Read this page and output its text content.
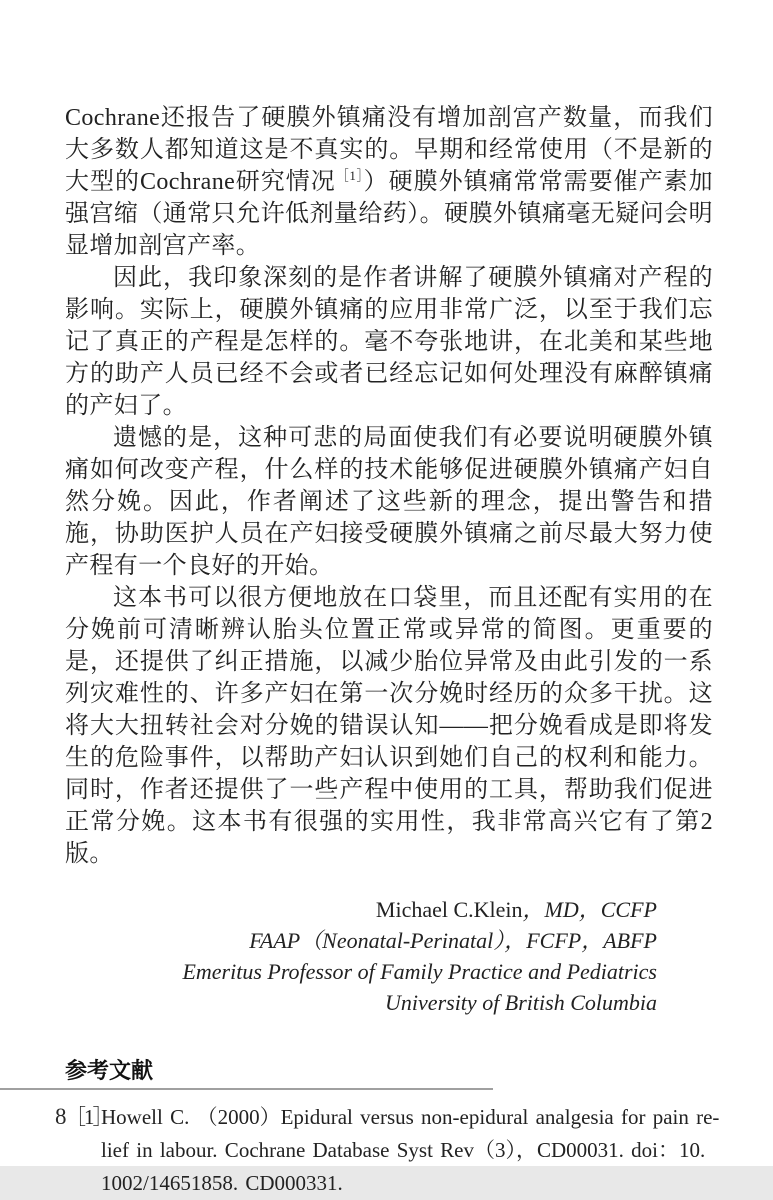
Cochrane还报告了硬膜外镇痛没有增加剖宫产数量，而我们大多数人都知道这是不真实的。早期和经常使用（不是新的大型的Cochrane研究情况$^{[1]}$）硬膜外镇痛常常需要催产素加强宫缩（通常只允许低剂量给药）。硬膜外镇痛毫无疑问会明显增加剖宫产率。

因此，我印象深刻的是作者讲解了硬膜外镇痛对产程的影响。实际上，硬膜外镇痛的应用非常广泛，以至于我们忘记了真正的产程是怎样的。毫不夸张地讲，在北美和某些地方的助产人员已经不会或者已经忘记如何处理没有麻醉镇痛的产妇了。

遗憾的是，这种可悲的局面使我们有必要说明硬膜外镇痛如何改变产程，什么样的技术能够促进硬膜外镇痛产妇自然分娩。因此，作者阐述了这些新的理念，提出警告和措施，协助医护人员在产妇接受硬膜外镇痛之前尽最大努力使产程有一个良好的开始。

这本书可以很方便地放在口袋里，而且还配有实用的在分娩前可清晰辨认胎头位置正常或异常的简图。更重要的是，还提供了纠正措施，以减少胎位异常及由此引发的一系列灾难性的、许多产妇在第一次分娩时经历的众多干扰。这将大大扭转社会对分娩的错误认知——把分娩看成是即将发生的危险事件，以帮助产妇认识到她们自己的权利和能力。同时，作者还提供了一些产程中使用的工具，帮助我们促进正常分娩。这本书有很强的实用性，我非常高兴它有了第2版。

Michael C.Klein，MD，CCFP
FAAP（Neonatal-Perinatal），FCFP，ABFP
Emeritus Professor of Family Practice and Pediatrics
University of British Columbia
参考文献
［1］
Howell C. （2000）Epidural versus non-epidural analgesia for pain re-
lief in labour. Cochrane Database Syst Rev（3），CD00031. doi：10.
1002/14651858. CD000331.
8
